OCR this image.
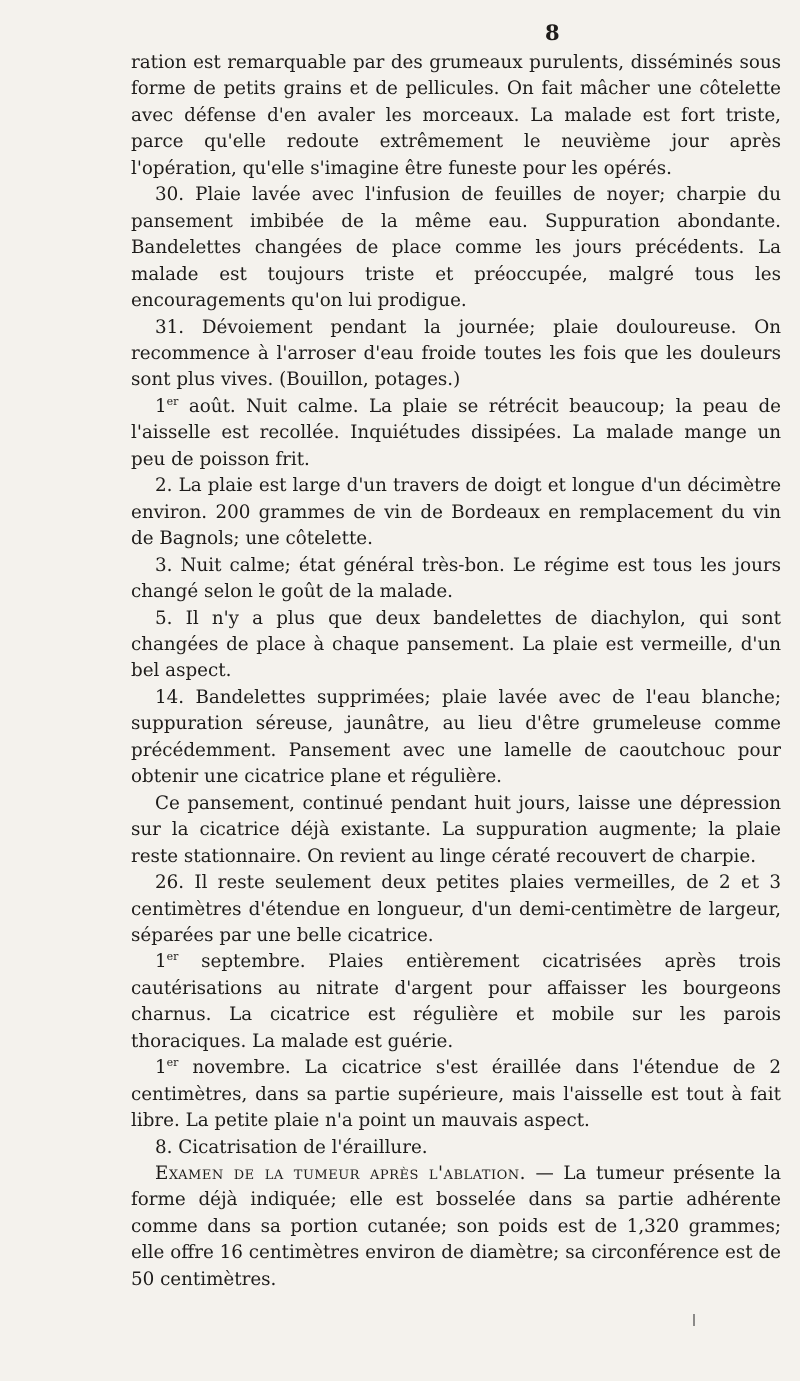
8

ration est remarquable par des grumeaux purulents, disséminés sous forme de petits grains et de pellicules. On fait mâcher une côtelette avec défense d'en avaler les morceaux. La malade est fort triste, parce qu'elle redoute extrêmement le neuvième jour après l'opération, qu'elle s'imagine être funeste pour les opérés.

30. Plaie lavée avec l'infusion de feuilles de noyer; charpie du pansement imbibée de la même eau. Suppuration abondante. Bandelettes changées de place comme les jours précédents. La malade est toujours triste et préoccupée, malgré tous les encouragements qu'on lui prodigue.

31. Dévoiement pendant la journée; plaie douloureuse. On recommence à l'arroser d'eau froide toutes les fois que les douleurs sont plus vives. (Bouillon, potages.)

1er août. Nuit calme. La plaie se rétrécit beaucoup; la peau de l'aisselle est recollée. Inquiétudes dissipées. La malade mange un peu de poisson frit.

2. La plaie est large d'un travers de doigt et longue d'un décimètre environ. 200 grammes de vin de Bordeaux en remplacement du vin de Bagnols; une côtelette.

3. Nuit calme; état général très-bon. Le régime est tous les jours changé selon le goût de la malade.

5. Il n'y a plus que deux bandelettes de diachylon, qui sont changées de place à chaque pansement. La plaie est vermeille, d'un bel aspect.

14. Bandelettes supprimées; plaie lavée avec de l'eau blanche; suppuration séreuse, jaunâtre, au lieu d'être grumeleuse comme précédemment. Pansement avec une lamelle de caoutchouc pour obtenir une cicatrice plane et régulière.

Ce pansement, continué pendant huit jours, laisse une dépression sur la cicatrice déjà existante. La suppuration augmente; la plaie reste stationnaire. On revient au linge cératé recouvert de charpie.

26. Il reste seulement deux petites plaies vermeilles, de 2 et 3 centimètres d'étendue en longueur, d'un demi-centimètre de largeur, séparées par une belle cicatrice.

1er septembre. Plaies entièrement cicatrisées après trois cautérisations au nitrate d'argent pour affaisser les bourgeons charnus. La cicatrice est régulière et mobile sur les parois thoraciques. La malade est guérie.

1er novembre. La cicatrice s'est éraillée dans l'étendue de 2 centimètres, dans sa partie supérieure, mais l'aisselle est tout à fait libre. La petite plaie n'a point un mauvais aspect.

8. Cicatrisation de l'éraillure.

Examen de la tumeur après l'ablation. — La tumeur présente la forme déjà indiquée; elle est bosselée dans sa partie adhérente comme dans sa portion cutanée; son poids est de 1,320 grammes; elle offre 16 centimètres environ de diamètre; sa circonférence est de 50 centimètres.
